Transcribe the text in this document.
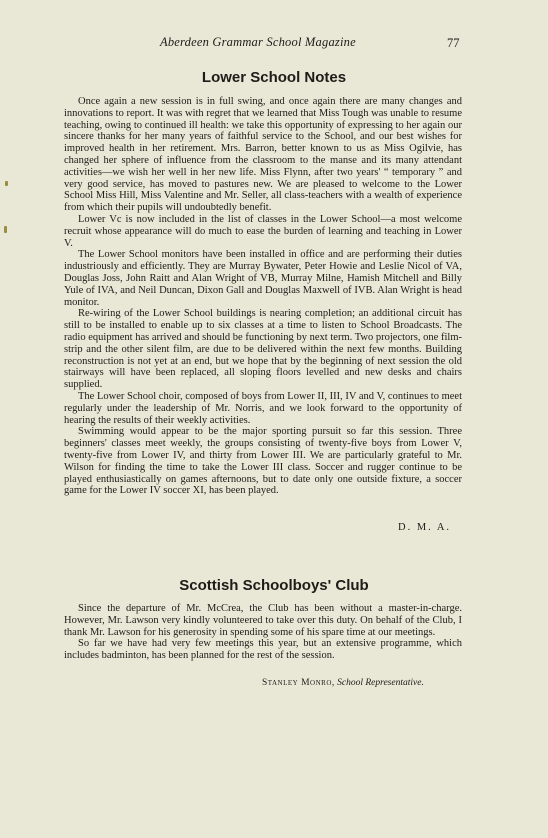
Aberdeen Grammar School Magazine	77
Lower School Notes

Once again a new session is in full swing, and once again there are many changes and innovations to report. It was with regret that we learned that Miss Tough was unable to resume teaching, owing to continued ill health: we take this opportunity of expressing to her again our sincere thanks for her many years of faithful service to the School, and our best wishes for improved health in her retirement. Mrs. Barron, better known to us as Miss Ogilvie, has changed her sphere of influence from the classroom to the manse and its many attendant activities—we wish her well in her new life. Miss Flynn, after two years' “ temporary ” and very good service, has moved to pastures new. We are pleased to welcome to the Lower School Miss Hill, Miss Valentine and Mr. Seller, all class-teachers with a wealth of experience from which their pupils will undoubtedly benefit.

Lower Vc is now included in the list of classes in the Lower School—a most welcome recruit whose appearance will do much to ease the burden of learning and teaching in Lower V.

The Lower School monitors have been installed in office and are performing their duties industriously and efficiently. They are Murray Bywater, Peter Howie and Leslie Nicol of VA, Douglas Joss, John Raitt and Alan Wright of VB, Murray Milne, Hamish Mitchell and Billy Yule of IVA, and Neil Duncan, Dixon Gall and Douglas Maxwell of IVB. Alan Wright is head monitor.

Re-wiring of the Lower School buildings is nearing completion; an additional circuit has still to be installed to enable up to six classes at a time to listen to School Broadcasts. The radio equipment has arrived and should be functioning by next term. Two projectors, one film-strip and the other silent film, are due to be delivered within the next few months. Building reconstruction is not yet at an end, but we hope that by the beginning of next session the old stairways will have been replaced, all sloping floors levelled and new desks and chairs supplied.

The Lower School choir, composed of boys from Lower II, III, IV and V, continues to meet regularly under the leadership of Mr. Norris, and we look forward to the opportunity of hearing the results of their weekly activities.

Swimming would appear to be the major sporting pursuit so far this session. Three beginners' classes meet weekly, the groups consisting of twenty-five boys from Lower V, twenty-five from Lower IV, and thirty from Lower III. We are particularly grateful to Mr. Wilson for finding the time to take the Lower III class. Soccer and rugger continue to be played enthusiastically on games afternoons, but to date only one outside fixture, a soccer game for the Lower IV soccer XI, has been played.

D. M. A.
Scottish Schoolboys' Club

Since the departure of Mr. McCrea, the Club has been without a master-in-charge. However, Mr. Lawson very kindly volunteered to take over this duty. On behalf of the Club, I thank Mr. Lawson for his generosity in spending some of his spare time at our meetings.

So far we have had very few meetings this year, but an extensive programme, which includes badminton, has been planned for the rest of the session.

Stanley Monro, School Representative.
